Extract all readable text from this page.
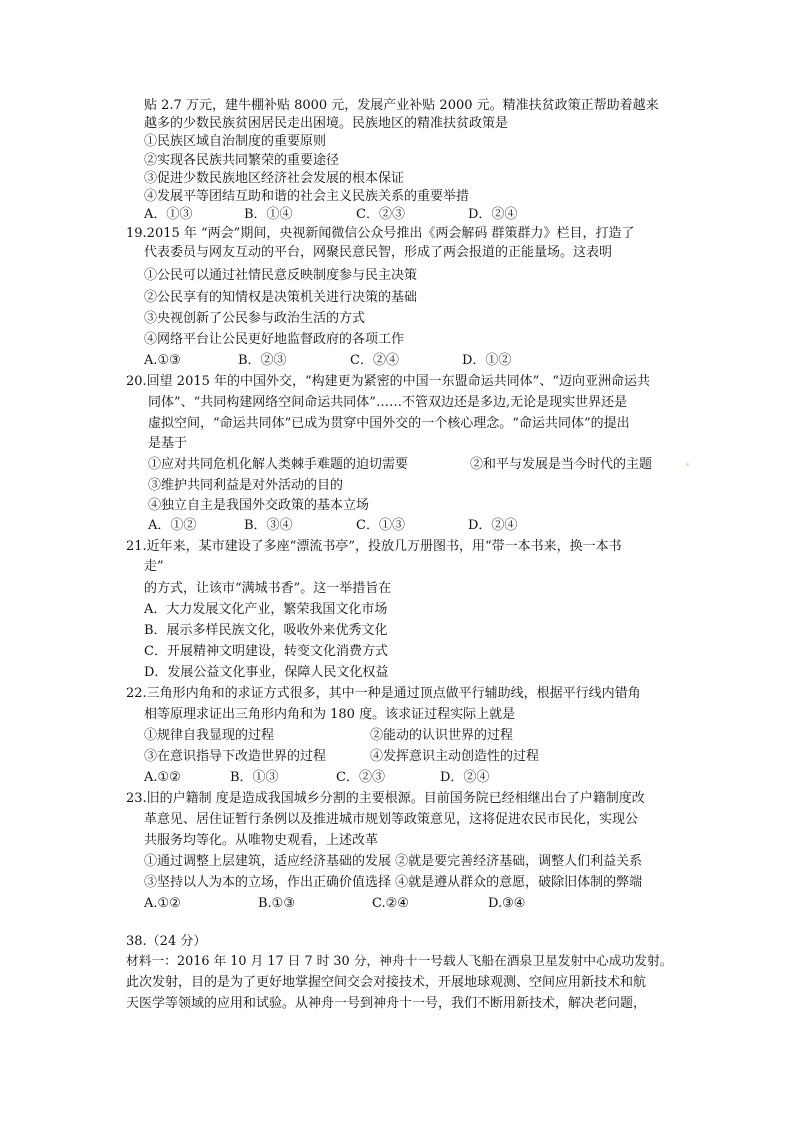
贴 2.7 万元，建牛棚补贴 8000 元，发展产业补贴 2000 元。精准扶贫政策正帮助着越来
越多的少数民族贫困居民走出困境。民族地区的精准扶贫政策是
①民族区域自治制度的重要原则
②实现各民族共同繁荣的重要途径
③促进少数民族地区经济社会发展的根本保证
④发展平等团结互助和谐的社会主义民族关系的重要举措
A．①③	B．①④	C．②③	D．②④
19.2015 年 “两会”期间，央视新闻微信公众号推出《两会解码 群策群力》栏目，打造了
代表委员与网友互动的平台，网聚民意民智，形成了两会报道的正能量场。这表明
①公民可以通过社情民意反映制度参与民主决策
②公民享有的知情权是决策机关进行决策的基础
③央视创新了公民参与政治生活的方式
④网络平台让公民更好地监督政府的各项工作
A.①③	B．②③	C．②④	D．①②
20.回望 2015 年的中国外交，“构建更为紧密的中国一东盟命运共同体”、“迈向亚洲命运共
同体”、“共同构建网络空间命运共同体”……不管双边还是多边,无论是现实世界还是
虚拟空间，“命运共同体”已成为贯穿中国外交的一个核心理念。“命运共同体”的提出
是基于
①应对共同危机化解人类棘手难题的迫切需要	②和平与发展是当今时代的主题
③维护共同利益是对外活动的目的
④独立自主是我国外交政策的基本立场
A．①②	B．③④	C．①③	D．②④
21.近年来，某市建设了多座“漂流书亭”，投放几万册图书，用“带一本书来，换一本书
走”
的方式，让该市“满城书香”。这一举措旨在
A．大力发展文化产业，繁荣我国文化市场
B．展示多样民族文化，吸收外来优秀文化
C．开展精神文明建设，转变文化消费方式
D．发展公益文化事业，保障人民文化权益
22.三角形内角和的求证方式很多，其中一种是通过顶点做平行辅助线，根据平行线内错角
相等原理求证出三角形内角和为 180 度。该求证过程实际上就是
①规律自我显现的过程	②能动的认识世界的过程
③在意识指导下改造世界的过程	④发挥意识主动创造性的过程
A.①②	B．①③	C．②③	D．②④
23.旧的户籍制 度是造成我国城乡分割的主要根源。目前国务院已经相继出台了户籍制度改
革意见、居住证暂行条例以及推进城市规划等政策意见，这将促进农民市民化，实现公
共服务均等化。从唯物史观看，上述改革
①通过调整上层建筑，适应经济基础的发展 ②就是要完善经济基础，调整人们利益关系
③坚持以人为本的立场，作出正确价值选择 ④就是遵从群众的意愿，破除旧体制的弊端
A.①②	B.①③	C.②④	D.③④
38.（24 分）
材料一：2016 年 10 月 17 日 7 时 30 分，神舟十一号载人飞船在酒泉卫星发射中心成功发射。
此次发射，目的是为了更好地掌握空间交会对接技术，开展地球观测、空间应用新技术和航
天医学等领域的应用和试验。从神舟一号到神舟十一号，我们不断用新技术，解决老问题，
